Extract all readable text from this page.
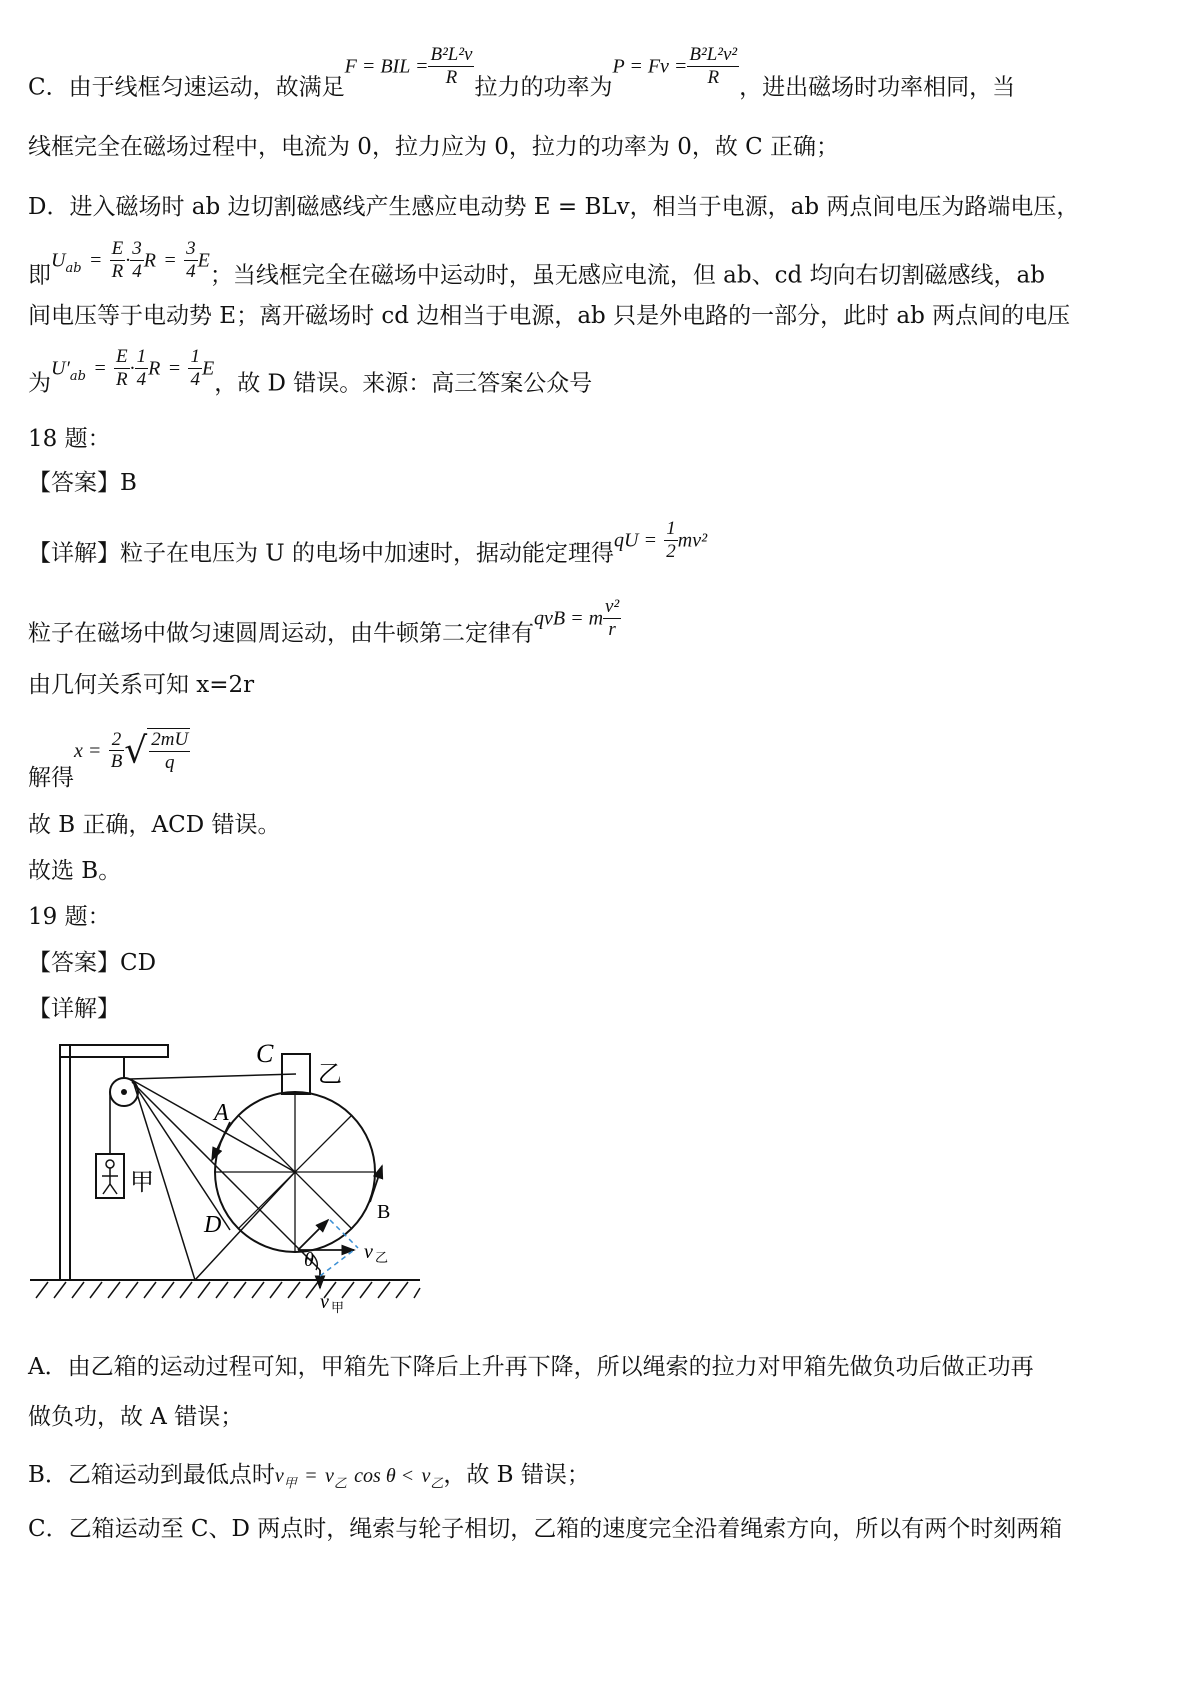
C．由于线框匀速运动，故满足F = BIL = $\frac{\text{B²L²v}}{R}$ 拉力的功率为$P = Fv = \frac{\text{B²L²v²}}{R}$ ，进出磁场时功率相同，当
线框完全在磁场过程中，电流为 0，拉力应为 0，拉力的功率为 0，故 C 正确；
D．进入磁场时 ab 边切割磁感线产生感应电动势 E = BLv，相当于电源，ab 两点间电压为路端电压，
即$U_{ab} = \frac{E}{R} \cdot \frac{3}{4}$ $R = \frac{3}{4}$ E；当线框完全在磁场中运动时，虽无感应电流，但 ab、cd 均向右切割磁感线，ab
间电压等于电动势 E；离开磁场时 cd 边相当于电源，ab 只是外电路的一部分，此时 ab 两点间的电压
为$U'_{ab} = \frac{E}{R} \cdot \frac{1}{4}$ $R = \frac{1}{4}$ E，故 D 错误。来源：高三答案公众号
18 题：
【答案】B
【详解】粒子在电压为 U 的电场中加速时，据动能定理得qU = $\frac{1}{2} mv^2$
粒子在磁场中做匀速圆周运动，由牛顿第二定律有qvB = m $\frac{\text{v²}}{r}$
由几何关系可知 x=2r
解得$x = \frac{2}{B}$ √ $\frac{2mU}{q}$
故 B 正确，ACD 错误。
故选 B。
19 题：
【答案】CD
【详解】
甲
C
乙
A
B
D
θ	v 乙
v 甲
A．由乙箱的运动过程可知，甲箱先下降后上升再下降，所以绳索的拉力对甲箱先做负功后做正功再
做负功，故 A 错误；
B．乙箱运动到最低点时$v_甲 = v_乙$ $\cos \theta < v_乙$，故 B 错误；
C．乙箱运动至 C、D 两点时，绳索与轮子相切，乙箱的速度完全沿着绳索方向，所以有两个时刻两箱
